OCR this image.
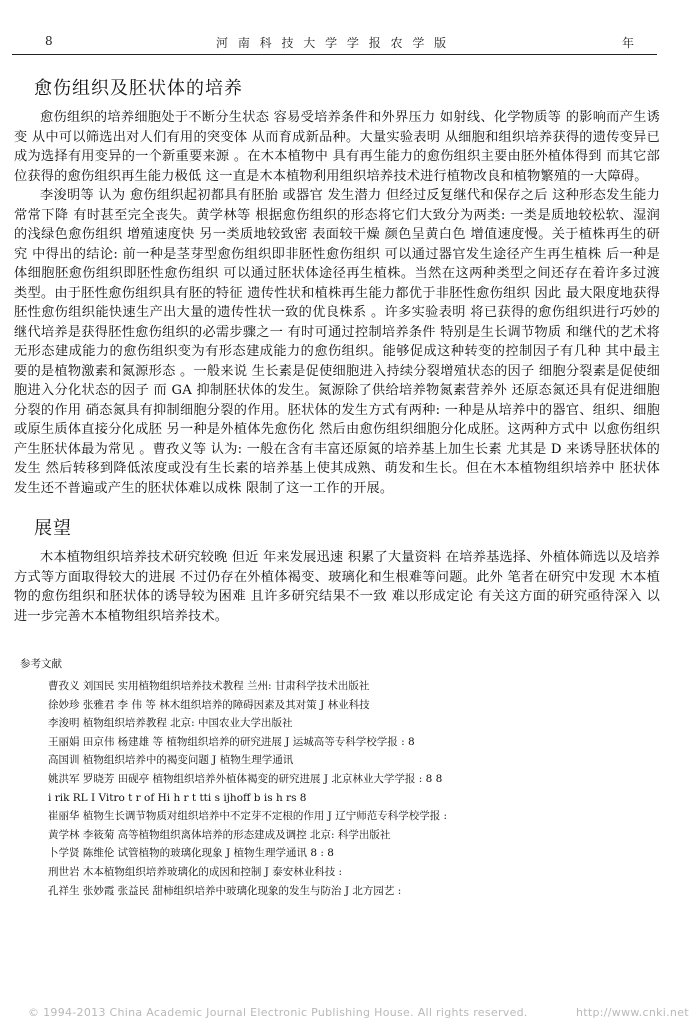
8	河 南 科 技 大 学 学 报 农 学 版	年
愈伤组织及胚状体的培养

愈伤组织的培养细胞处于不断分生状态 容易受培养条件和外界压力 如射线、化学物质等 的影响而产生诱变 从中可以筛选出对人们有用的突变体 从而育成新品种。大量实验表明 从细胞和组织培养获得的遗传变异已成为选择有用变异的一个新重要来源 。在木本植物中 具有再生能力的愈伤组织主要由胚外植体得到 而其它部位获得的愈伤组织再生能力极低 这一直是木本植物利用组织培养技术进行植物改良和植物繁殖的一大障碍。

李浚明等 认为 愈伤组织起初都具有胚胎 或器官 发生潜力 但经过反复继代和保存之后 这种形态发生能力常常下降 有时甚至完全丧失。黄学林等 根据愈伤组织的形态将它们大致分为两类: 一类是质地较松软、湿润的浅绿色愈伤组织 增殖速度快 另一类质地较致密 表面较干燥 颜色呈黄白色 增值速度慢。关于植株再生的研究 中得出的结论: 前一种是茎芽型愈伤组织即非胚性愈伤组织 可以通过器官发生途径产生再生植株 后一种是体细胞胚愈伤组织即胚性愈伤组织 可以通过胚状体途径再生植株。当然在这两种类型之间还存在着许多过渡类型。由于胚性愈伤组织具有胚的特征 遗传性状和植株再生能力都优于非胚性愈伤组织 因此 最大限度地获得胚性愈伤组织能快速生产出大量的遗传性状一致的优良株系 。许多实验表明 将已获得的愈伤组织进行巧妙的继代培养是获得胚性愈伤组织的必需步骤之一 有时可通过控制培养条件 特别是生长调节物质 和继代的艺术将无形态建成能力的愈伤组织变为有形态建成能力的愈伤组织。能够促成这种转变的控制因子有几种 其中最主要的是植物激素和氮源形态 。一般来说 生长素是促使细胞进入持续分裂增殖状态的因子 细胞分裂素是促使细胞进入分化状态的因子 而 GA 抑制胚状体的发生。氮源除了供给培养物氮素营养外 还原态氮还具有促进细胞分裂的作用 硝态氮具有抑制细胞分裂的作用。胚状体的发生方式有两种: 一种是从培养中的器官、组织、细胞或原生质体直接分化成胚 另一种是外植体先愈伤化 然后由愈伤组织细胞分化成胚。这两种方式中 以愈伤组织产生胚状体最为常见 。曹孜义等 认为: 一般在含有丰富还原氮的培养基上加生长素 尤其是 D 来诱导胚状体的发生 然后转移到降低浓度或没有生长素的培养基上使其成熟、萌发和生长。但在木本植物组织培养中 胚状体发生还不普遍或产生的胚状体难以成株 限制了这一工作的开展。

展望

木本植物组织培养技术研究较晚 但近 年来发展迅速 积累了大量资料 在培养基选择、外植体筛选以及培养方式等方面取得较大的进展 不过仍存在外植体褐变、玻璃化和生根难等问题。此外 笔者在研究中发现 木本植物的愈伤组织和胚状体的诱导较为困难 且许多研究结果不一致 难以形成定论 有关这方面的研究亟待深入 以进一步完善木本植物组织培养技术。

参考文献
曹孜义 刘国民 实用植物组织培养技术教程 兰州: 甘肃科学技术出版社
徐妙珍 张雅君 李 伟 等 林木组织培养的障碍因素及其对策 J 林业科技
李浚明 植物组织培养教程 北京: 中国农业大学出版社
王丽娟 田京伟 杨建雄 等 植物组织培养的研究进展 J 运城高等专科学校学报 : 8
高国训 植物组织培养中的褐变问题 J 植物生理学通讯
姚洪军 罗晓芳 田砚亭 植物组织培养外植体褐变的研究进展 J 北京林业大学学报 : 8 8
i rik RL I Vitro t r of Hi h r t tti s ijhoff b is h rs 8
崔丽华 植物生长调节物质对组织培养中不定芽不定根的作用 J 辽宁师范专科学校学报 :
黄学林 李筱菊 高等植物组织离体培养的形态建成及调控 北京: 科学出版社
卜学贤 陈维伦 试管植物的玻璃化现象 J 植物生理学通讯 8 : 8
刑世岩 木本植物组织培养玻璃化的成因和控制 J 泰安林业科技 :
孔祥生 张妙霞 张益民 甜柿组织培养中玻璃化现象的发生与防治 J 北方园艺 :
© 1994-2013 China Academic Journal Electronic Publishing House. All rights reserved.	http://www.cnki.net
